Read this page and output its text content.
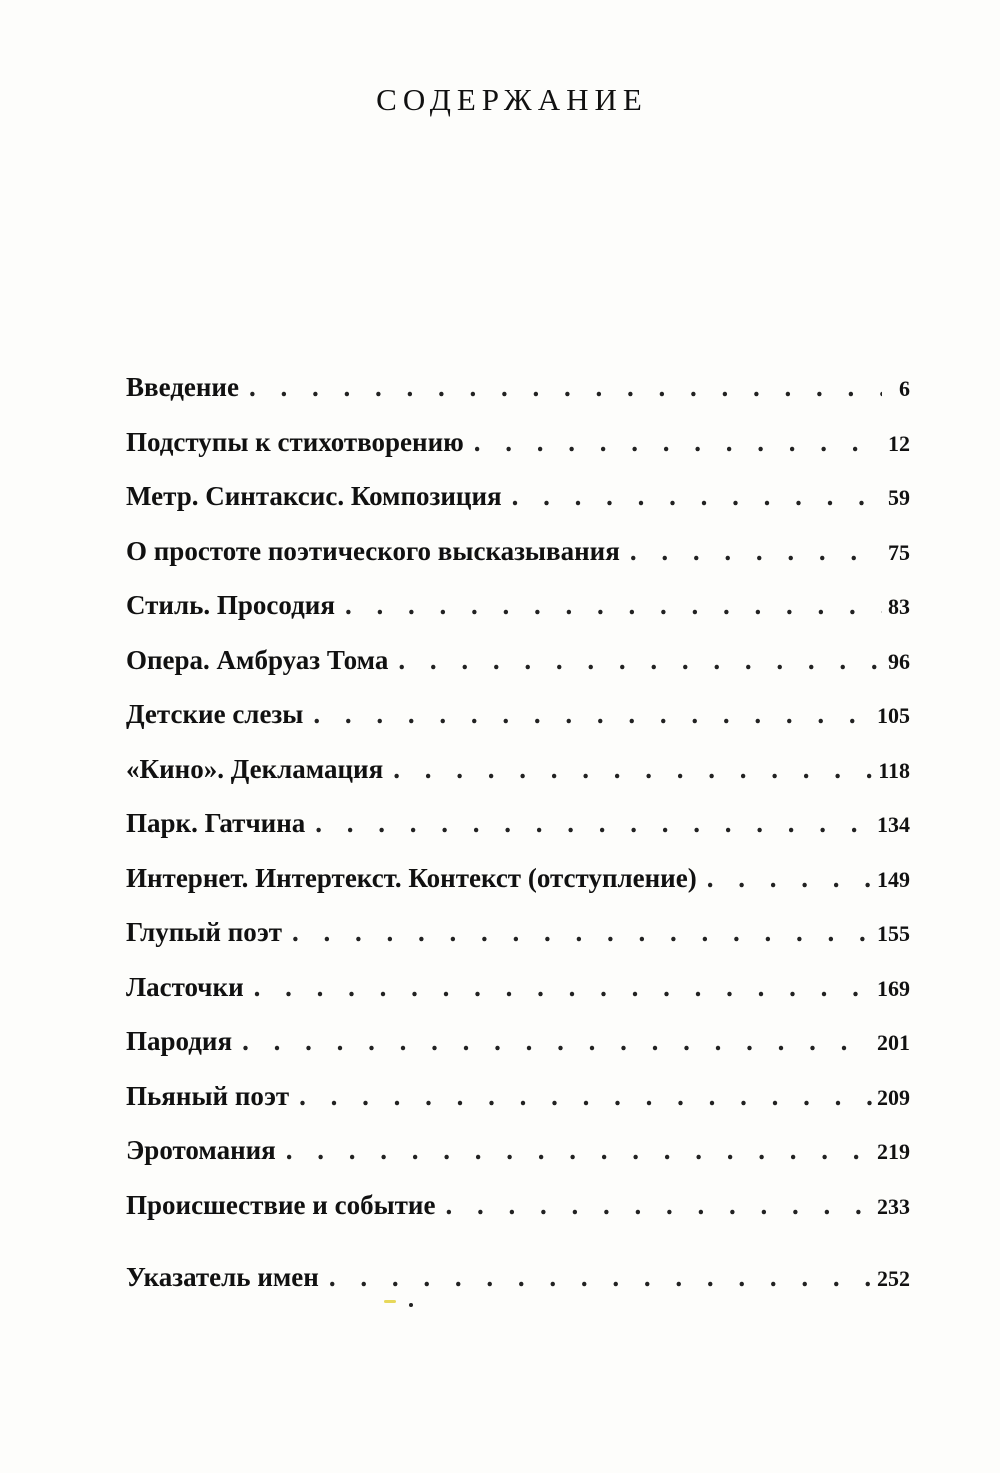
СОДЕРЖАНИЕ
Введение . . .	6
Подступы к стихотворению . . .	12
Метр. Синтаксис. Композиция . . .	59
О простоте поэтического высказывания . . .	75
Стиль. Просодия . . .	83
Опера. Амбруаз Тома . . .	96
Детские слезы . . .	105
«Кино». Декламация . . .	118
Парк. Гатчина . . .	134
Интернет. Интертекст. Контекст (отступление) . . .	149
Глупый поэт . . .	155
Ласточки . . .	169
Пародия . . .	201
Пьяный поэт . . .	209
Эротомания . . .	219
Происшествие и событие . . .	233
Указатель имен . . .	252
